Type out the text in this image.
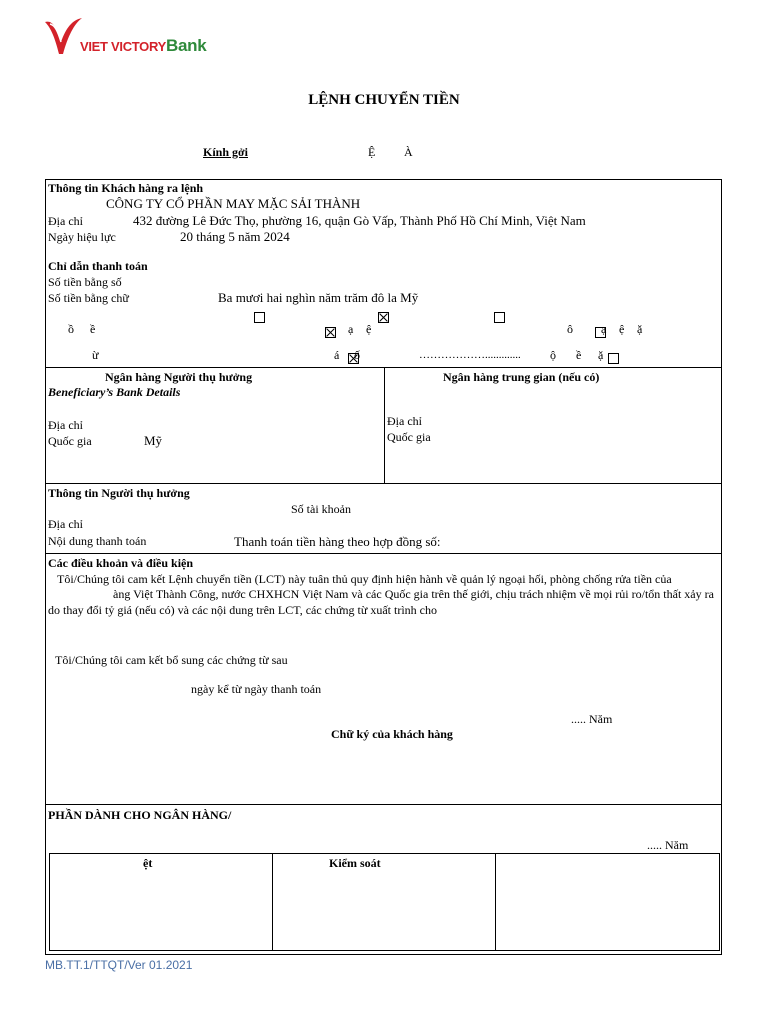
VIET VICTORYBank
LỆNH CHUYỂN TIỀN
Kính gởi	Ệ À
Thông tin Khách hàng ra lệnh
CÔNG TY CỔ PHẦN MAY MẶC SẢI THÀNH
Địa chỉ	432 đường Lê Đức Thọ, phường 16, quận Gò Vấp, Thành Phố Hồ Chí Minh, Việt Nam
Ngày hiệu lực	20 tháng 5 năm 2024
Chỉ dẫn thanh toán
Số tiền bằng số
Số tiền bằng chữ	Ba mươi hai nghìn năm trăm đô la Mỹ

ồ ề
	ạ ệ
	ô ạ ệ ặ
ừ
	á ố	………………............. ộ ề ặ
Ngân hàng Người thụ hưởng
Beneficiary’s Bank Details
Địa chỉ
Quốc gia	Mỹ
Ngân hàng trung gian (nếu có)
Địa chỉ
Quốc gia
Thông tin Người thụ hưởng
Số tài khoản
Địa chỉ
Nội dung thanh toán	Thanh toán tiền hàng theo hợp đồng số:
Các điều khoản và điều kiện
Tôi/Chúng tôi cam kết Lệnh chuyển tiền (LCT) này tuân thủ quy định hiện hành về quản lý ngoại hối, phòng chống rửa tiền của
àng Việt Thành Công, nước CHXHCN Việt Nam và các Quốc gia trên thế giới, chịu trách nhiệm về mọi rủi ro/tổn thất xảy ra
do thay đổi tỷ giá (nếu có) và các nội dung trên LCT, các chứng từ xuất trình cho
Tôi/Chúng tôi cam kết bổ sung các chứng từ sau
ngày kể từ ngày thanh toán
..... Năm
Chữ ký của khách hàng
PHẦN DÀNH CHO NGÂN HÀNG/
..... Năm
ệt	Kiểm soát
MB.TT.1/TTQT/Ver 01.2021
